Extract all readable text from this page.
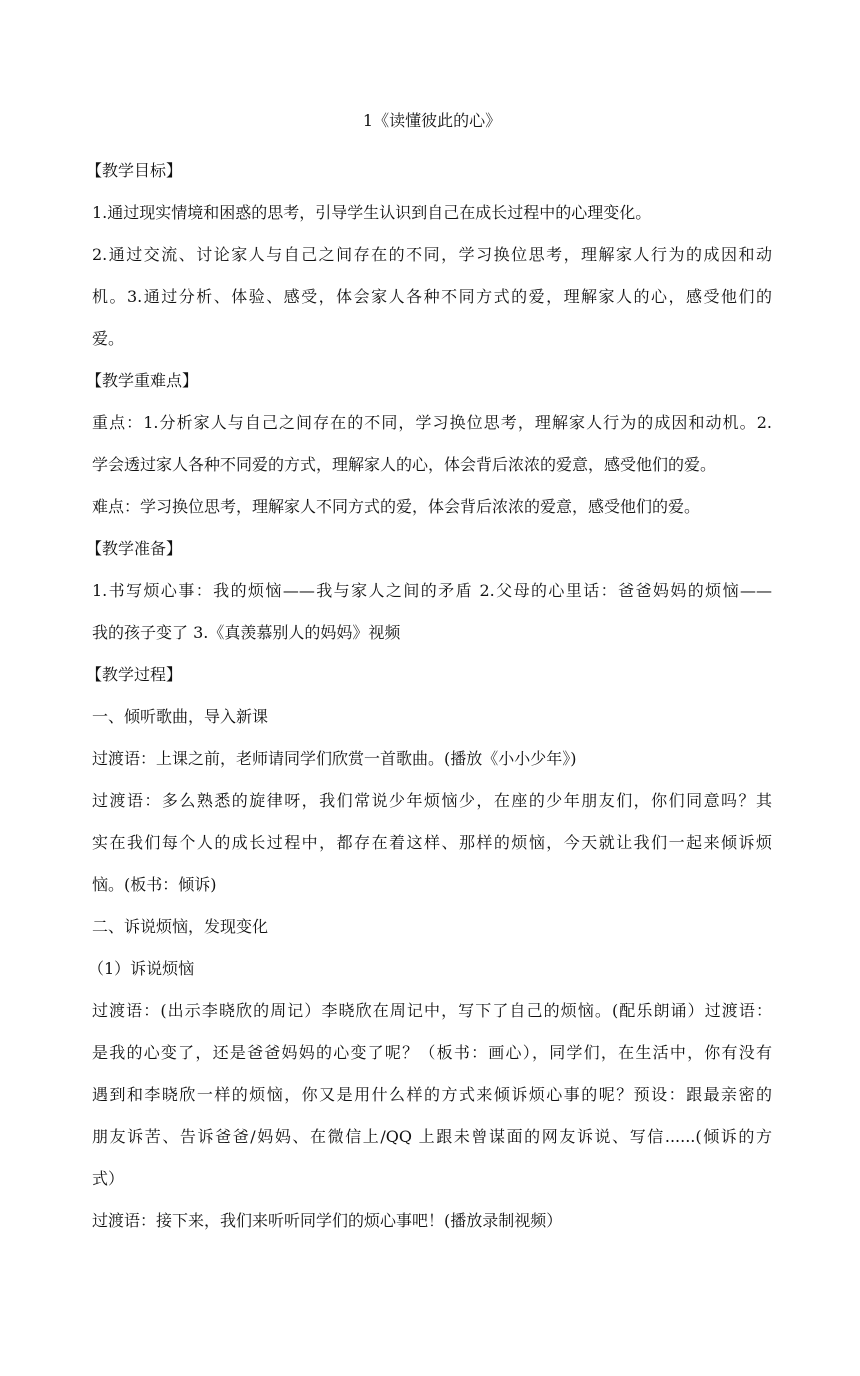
1《读懂彼此的心》
【教学目标】
1.通过现实情境和困惑的思考，引导学生认识到自己在成长过程中的心理变化。
2.通过交流、讨论家人与自己之间存在的不同，学习换位思考，理解家人行为的成因和动
机。3.通过分析、体验、感受，体会家人各种不同方式的爱，理解家人的心，感受他们的
爱。
【教学重难点】
重点：1.分析家人与自己之间存在的不同，学习换位思考，理解家人行为的成因和动机。2.
学会透过家人各种不同爱的方式，理解家人的心，体会背后浓浓的爱意，感受他们的爱。
难点：学习换位思考，理解家人不同方式的爱，体会背后浓浓的爱意，感受他们的爱。
【教学准备】
1.书写烦心事：我的烦恼——我与家人之间的矛盾 2.父母的心里话：爸爸妈妈的烦恼——
我的孩子变了 3.《真羡慕别人的妈妈》视频
【教学过程】
一、倾听歌曲，导入新课
过渡语：上课之前，老师请同学们欣赏一首歌曲。(播放《小小少年》)
过渡语：多么熟悉的旋律呀，我们常说少年烦恼少，在座的少年朋友们，你们同意吗？其
实在我们每个人的成长过程中，都存在着这样、那样的烦恼，今天就让我们一起来倾诉烦
恼。(板书：倾诉)
二、诉说烦恼，发现变化
（1）诉说烦恼
过渡语：(出示李晓欣的周记）李晓欣在周记中，写下了自己的烦恼。(配乐朗诵）过渡语：
是我的心变了，还是爸爸妈妈的心变了呢？（板书：画心），同学们，在生活中，你有没有
遇到和李晓欣一样的烦恼，你又是用什么样的方式来倾诉烦心事的呢？预设：跟最亲密的
朋友诉苦、告诉爸爸/妈妈、在微信上/QQ 上跟未曾谋面的网友诉说、写信......(倾诉的方
式）
过渡语：接下来，我们来听听同学们的烦心事吧！(播放录制视频）
